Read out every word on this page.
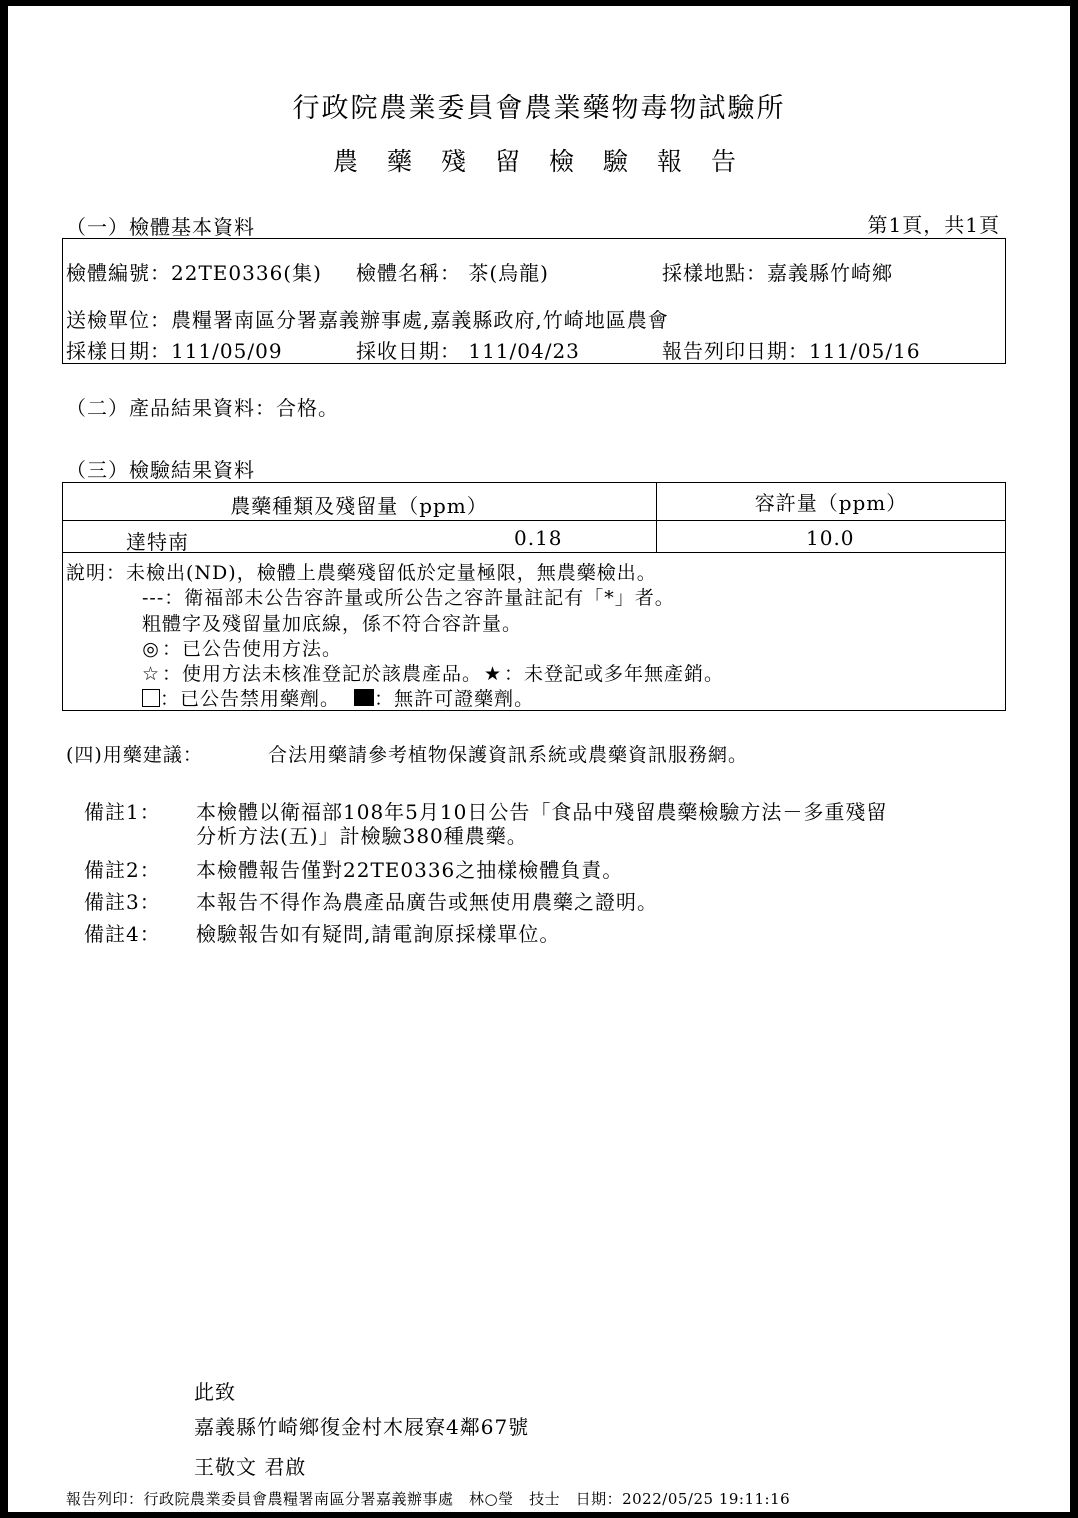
行政院農業委員會農業藥物毒物試驗所
農藥殘留檢驗報告
（一）檢體基本資料	第1頁，共1頁
檢體編號：22TE0336(集) 檢體名稱： 茶(烏龍)	採樣地點：嘉義縣竹崎鄉
送檢單位：農糧署南區分署嘉義辦事處,嘉義縣政府,竹崎地區農會
採樣日期：111/05/09	採收日期： 111/04/23	報告列印日期：111/05/16
（二）產品結果資料：合格。
（三）檢驗結果資料
農藥種類及殘留量（ppm）	容許量（ppm）
達特南	0.18	10.0
說明：未檢出(ND)，檢體上農藥殘留低於定量極限，無農藥檢出。
---：衛福部未公告容許量或所公告之容許量註記有「*」者。
粗體字及殘留量加底線，係不符合容許量。
◎ ：已公告使用方法。
☆ ：使用方法未核准登記於該農產品。 ★ ：未登記或多年無產銷。
：已公告禁用藥劑。 ：無許可證藥劑。
(四)用藥建議：	合法用藥請參考植物保護資訊系統或農藥資訊服務網。
備註1： 本檢體以衛福部108年5月10日公告「食品中殘留農藥檢驗方法－多重殘留
分析方法(五)」計檢驗380種農藥。
備註2： 本檢體報告僅對22TE0336之抽樣檢體負責。
備註3： 本報告不得作為農產品廣告或無使用農藥之證明。
備註4： 檢驗報告如有疑問,請電詢原採樣單位。
此致
嘉義縣竹崎鄉復金村木屐寮4鄰67號
王敬文 君啟
報告列印：行政院農業委員會農糧署南區分署嘉義辦事處　林○瑩　技士　日期：2022/05/25 19:11:16
